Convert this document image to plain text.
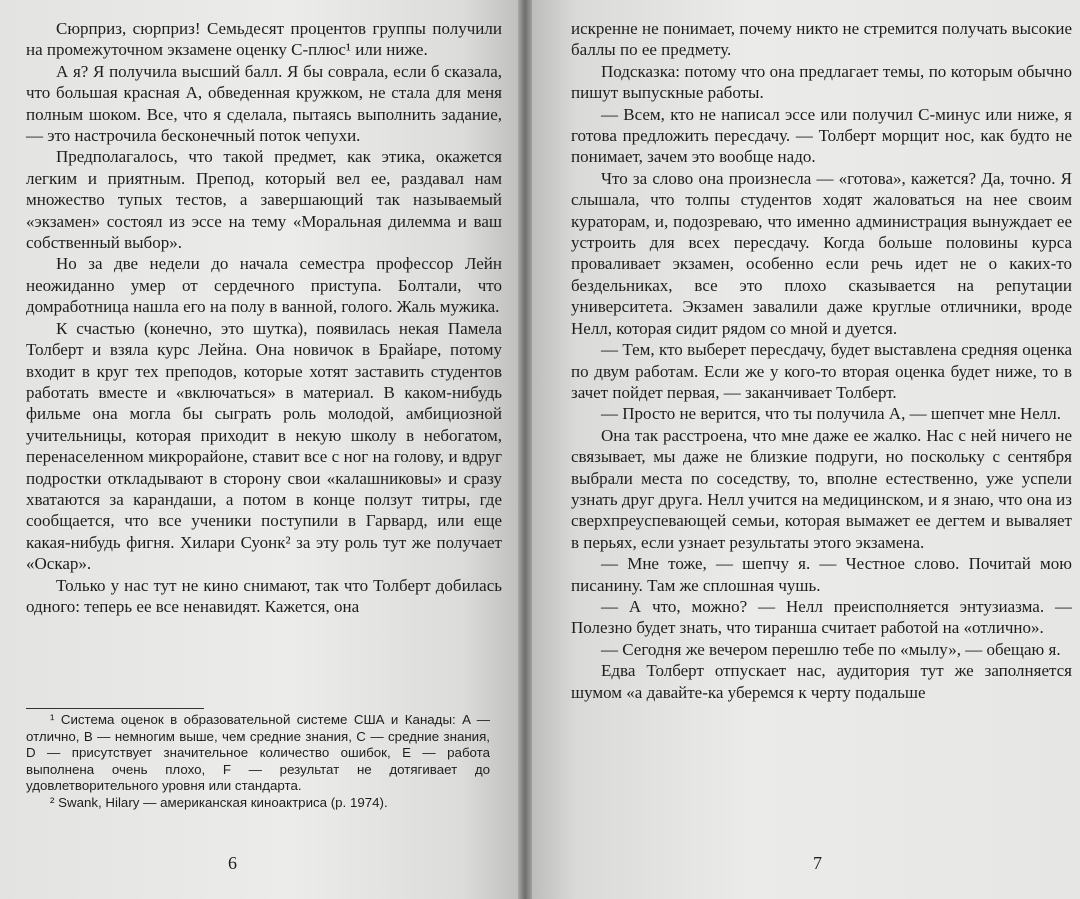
Сюрприз, сюрприз! Семьдесят процентов группы получили на промежуточном экзамене оценку С-плюс¹ или ниже.

А я? Я получила высший балл. Я бы соврала, если б сказала, что большая красная А, обведенная кружком, не стала для меня полным шоком. Все, что я сделала, пытаясь выполнить задание, — это настрочила бесконечный поток чепухи.

Предполагалось, что такой предмет, как этика, окажется легким и приятным. Препод, который вел ее, раздавал нам множество тупых тестов, а завершающий так называемый «экзамен» состоял из эссе на тему «Моральная дилемма и ваш собственный выбор».

Но за две недели до начала семестра профессор Лейн неожиданно умер от сердечного приступа. Болтали, что домработница нашла его на полу в ванной, голого. Жаль мужика.

К счастью (конечно, это шутка), появилась некая Памела Толберт и взяла курс Лейна. Она новичок в Брайаре, потому входит в круг тех преподов, которые хотят заставить студентов работать вместе и «включаться» в материал. В каком-нибудь фильме она могла бы сыграть роль молодой, амбициозной учительницы, которая приходит в некую школу в небогатом, перенаселенном микрорайоне, ставит все с ног на голову, и вдруг подростки откладывают в сторону свои «калашниковы» и сразу хватаются за карандаши, а потом в конце ползут титры, где сообщается, что все ученики поступили в Гарвард, или еще какая-нибудь фигня. Хилари Суонк² за эту роль тут же получает «Оскар».

Только у нас тут не кино снимают, так что Толберт добилась одного: теперь ее все ненавидят. Кажется, она

¹ Система оценок в образовательной системе США и Канады: A — отлично, B — немногим выше, чем средние знания, C — средние знания, D — присутствует значительное количество ошибок, E — работа выполнена очень плохо, F — результат не дотягивает до удовлетворительного уровня или стандарта.

² Swank, Hilary — американская киноактриса (р. 1974).

6

искренне не понимает, почему никто не стремится получать высокие баллы по ее предмету.

Подсказка: потому что она предлагает темы, по которым обычно пишут выпускные работы.

— Всем, кто не написал эссе или получил С-минус или ниже, я готова предложить пересдачу. — Толберт морщит нос, как будто не понимает, зачем это вообще надо.

Что за слово она произнесла — «готова», кажется? Да, точно. Я слышала, что толпы студентов ходят жаловаться на нее своим кураторам, и, подозреваю, что именно администрация вынуждает ее устроить для всех пересдачу. Когда больше половины курса проваливает экзамен, особенно если речь идет не о каких-то бездельниках, все это плохо сказывается на репутации университета. Экзамен завалили даже круглые отличники, вроде Нелл, которая сидит рядом со мной и дуется.

— Тем, кто выберет пересдачу, будет выставлена средняя оценка по двум работам. Если же у кого-то вторая оценка будет ниже, то в зачет пойдет первая, — заканчивает Толберт.

— Просто не верится, что ты получила А, — шепчет мне Нелл.

Она так расстроена, что мне даже ее жалко. Нас с ней ничего не связывает, мы даже не близкие подруги, но поскольку с сентября выбрали места по соседству, то, вполне естественно, уже успели узнать друг друга. Нелл учится на медицинском, и я знаю, что она из сверхпреуспевающей семьи, которая вымажет ее дегтем и вываляет в перьях, если узнает результаты этого экзамена.

— Мне тоже, — шепчу я. — Честное слово. Почитай мою писанину. Там же сплошная чушь.

— А что, можно? — Нелл преисполняется энтузиазма. — Полезно будет знать, что тиранша считает работой на «отлично».

— Сегодня же вечером перешлю тебе по «мылу», — обещаю я.

Едва Толберт отпускает нас, аудитория тут же заполняется шумом «а давайте-ка уберемся к черту подальше

7
